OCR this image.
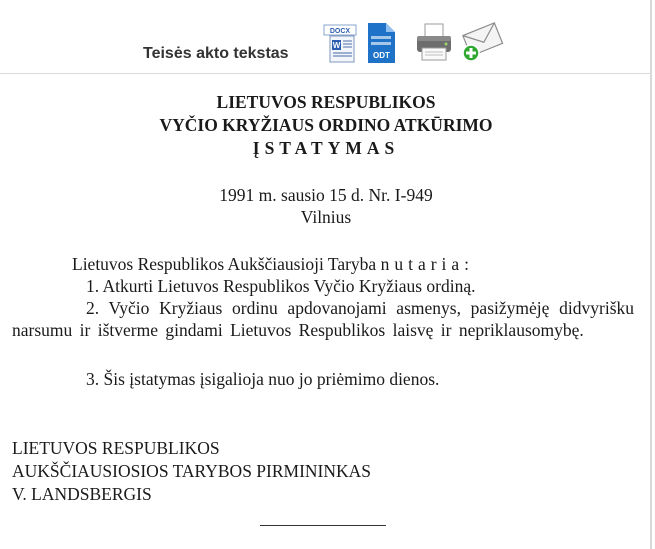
Teisės akto tekstas
DOCX
W
ODT
LIETUVOS RESPUBLIKOS
VYČIO KRYŽIAUS ORDINO ATKŪRIMO
ĮSTATYMAS
1991 m. sausio 15 d. Nr. I-949
Vilnius
Lietuvos Respublikos Aukščiausioji Taryba nutaria:
1. Atkurti Lietuvos Respublikos Vyčio Kryžiaus ordiną.
2. Vyčio Kryžiaus ordinu apdovanojami asmenys, pasižymėję didvyrišku narsumu ir ištverme gindami Lietuvos Respublikos laisvę ir nepriklausomybę.
3. Šis įstatymas įsigalioja nuo jo priėmimo dienos.
LIETUVOS RESPUBLIKOS
AUKŠČIAUSIOSIOS TARYBOS PIRMININKAS
V. LANDSBERGIS
